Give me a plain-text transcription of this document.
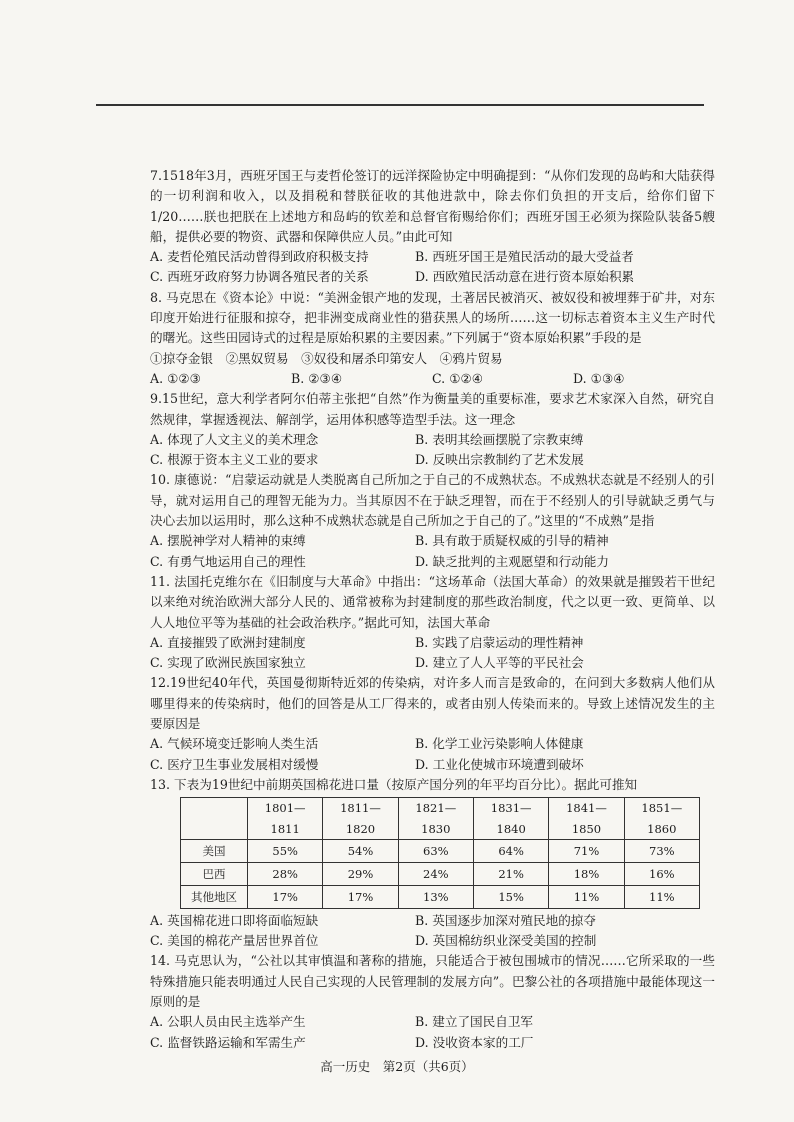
7.1518年3月，西班牙国王与麦哲伦签订的远洋探险协定中明确提到：“从你们发现的岛屿和大陆获得的一切利润和收入，以及捐税和替朕征收的其他进款中，除去你们负担的开支后，给你们留下1/20……朕也把朕在上述地方和岛屿的钦差和总督官衔赐给你们；西班牙国王必须为探险队装备5艘船，提供必要的物资、武器和保障供应人员。”由此可知

A. 麦哲伦殖民活动曾得到政府积极支持	B. 西班牙国王是殖民活动的最大受益者
C. 西班牙政府努力协调各殖民者的关系	D. 西欧殖民活动意在进行资本原始积累

8. 马克思在《资本论》中说：“美洲金银产地的发现，土著居民被消灭、被奴役和被埋葬于矿井，对东印度开始进行征服和掠夺，把非洲变成商业性的猎获黑人的场所……这一切标志着资本主义生产时代的曙光。这些田园诗式的过程是原始积累的主要因素。”下列属于“资本原始积累”手段的是

①掠夺金银　②黑奴贸易　③奴役和屠杀印第安人　④鸦片贸易

A. ①②③	B. ②③④	C. ①②④	D. ①③④

9.15世纪，意大利学者阿尔伯蒂主张把“自然”作为衡量美的重要标准，要求艺术家深入自然，研究自然规律，掌握透视法、解剖学，运用体积感等造型手法。这一理念

A. 体现了人文主义的美术理念	B. 表明其绘画摆脱了宗教束缚
C. 根源于资本主义工业的要求	D. 反映出宗教制约了艺术发展

10. 康德说：“启蒙运动就是人类脱离自己所加之于自己的不成熟状态。不成熟状态就是不经别人的引导，就对运用自己的理智无能为力。当其原因不在于缺乏理智，而在于不经别人的引导就缺乏勇气与决心去加以运用时，那么这种不成熟状态就是自己所加之于自己的了。”这里的“不成熟”是指

A. 摆脱神学对人精神的束缚	B. 具有敢于质疑权威的引导的精神
C. 有勇气地运用自己的理性	D. 缺乏批判的主观愿望和行动能力

11. 法国托克维尔在《旧制度与大革命》中指出：“这场革命（法国大革命）的效果就是摧毁若干世纪以来绝对统治欧洲大部分人民的、通常被称为封建制度的那些政治制度，代之以更一致、更简单、以人人地位平等为基础的社会政治秩序。”据此可知，法国大革命

A. 直接摧毁了欧洲封建制度	B. 实践了启蒙运动的理性精神
C. 实现了欧洲民族国家独立	D. 建立了人人平等的平民社会

12.19世纪40年代，英国曼彻斯特近郊的传染病，对许多人而言是致命的，在问到大多数病人他们从哪里得来的传染病时，他们的回答是从工厂得来的，或者由别人传染而来的。导致上述情况发生的主要原因是

A. 气候环境变迁影响人类生活	B. 化学工业污染影响人体健康
C. 医疗卫生事业发展相对缓慢	D. 工业化使城市环境遭到破坏

13. 下表为19世纪中前期英国棉花进口量（按原产国分列的年平均百分比）。据此可推知

	1801—1811	1811—1820	1821—1830	1831—1840	1841—1850	1851—1860
美国	55%	54%	63%	64%	71%	73%
巴西	28%	29%	24%	21%	18%	16%
其他地区	17%	17%	13%	15%	11%	11%
A. 英国棉花进口即将面临短缺	B. 英国逐步加深对殖民地的掠夺
C. 美国的棉花产量居世界首位	D. 英国棉纺织业深受美国的控制

14. 马克思认为，“公社以其审慎温和著称的措施，只能适合于被包围城市的情况……它所采取的一些特殊措施只能表明通过人民自己实现的人民管理制的发展方向”。巴黎公社的各项措施中最能体现这一原则的是

A. 公职人员由民主选举产生	B. 建立了国民自卫军
C. 监督铁路运输和军需生产	D. 没收资本家的工厂
高一历史　第2页（共6页）
